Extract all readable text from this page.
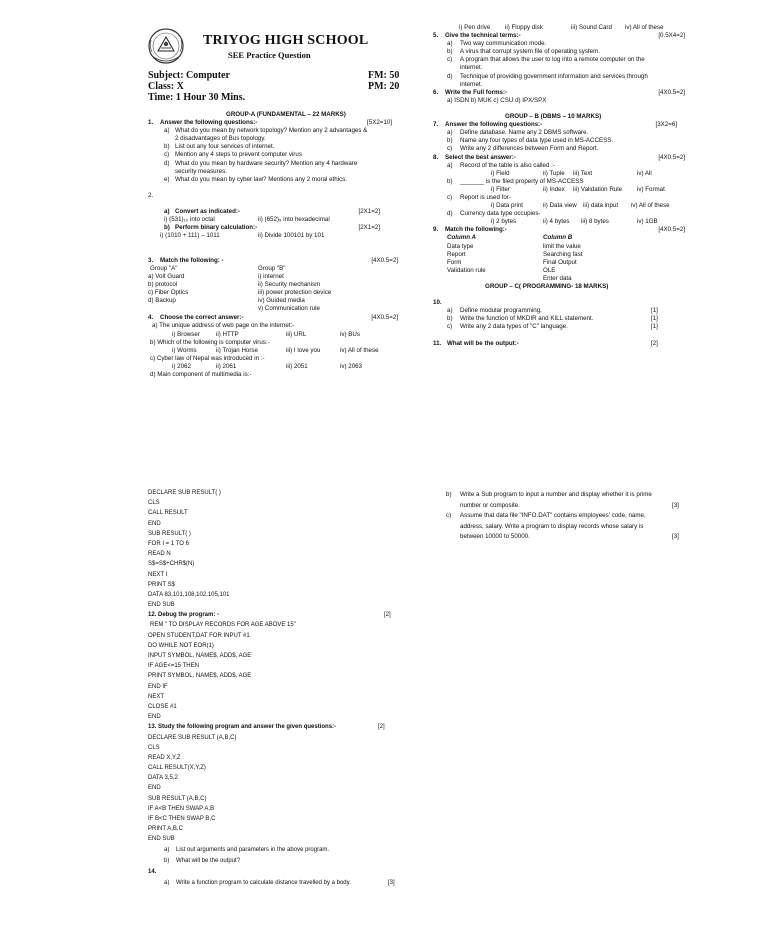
TRIYOG HIGH SCHOOL
SEE Practice Question
Subject: Computer
Class: X
Time: 1 Hour 30 Mins.
FM: 50
PM: 20
GROUP-A (FUNDAMENTAL – 22 MARKS)
1. Answer the following questions:-	[5X2=10]
a) What do you mean by network topology? Mention any 2 advantages &
2 disadvantages of Bus topology.
b) List out any four services of internet.
c) Mention any 4 steps to prevent computer virus
d) What do you mean by hardware security? Mention any 4 hardware
security measures.
e) What do you mean by cyber law? Mentions any 2 moral ethics.
2.
a) Convert as indicated:-	[2X1=2]
i) (531)₁₀ into octal	ii) (652)₈ into hexadecimal
b) Perform binary calculation:-	[2X1=2]
i) (1010 + 111) – 1011	ii) Divide 100101 by 101
3. Match the following: -	[4X0.5=2]
Group "A"	Group "B"
a) Volt Guard	i) internet
b) protocol	ii) Security mechanism
c) Fiber Optics	iii) power protection device
d) Backup	iv) Guided media
v) Communication rule
4. Choose the correct answer:-	[4X0.5=2]
a) The unique address of web page on the internet:-
i) Browser	ii) HTTP	iii) URL	iv) BUs
b) Which of the following is computer virus:-
i) Worms	ii) Trojan Horse	iii) I love you	iv) All of these
c) Cyber law of Nepal was introduced in :-
i) 2062	ii) 2061	iii) 2051	iv) 2063
d) Main component of multimedia is:-
i) Pen drive ii) Floppy disk	iii) Sound Card iv) All of these
5. Give the technical terms:-	[0.5X4=2]
a) Two way communication mode.
b) A virus that corrupt system file of operating system.
c) A program that allows the user to log into a remote computer on the
internet.
d) Technique of providing government information and services through
internet.
6. Write the Full forms:-	[4X0.5=2]
a) ISDN b) MUK c) CSU d) IPX/SPX
GROUP – B (DBMS – 10 MARKS)
7. Answer the following questions:-	[3X2=6]
a) Define database. Name any 2 DBMS software.
b) Name any four types of data type used in MS-ACCESS.
c) Write any 2 differences between Form and Report.
8. Select the best answer:-	[4X0.5=2]
a) Record of the table is also called :-
i) Field	ii) Tuple iii) Text	iv) All
b) _______ is the filed property of MS-ACCESS
i) Filter	ii) Index iii) Validation Rule iv) Format
c) Report is used for-
i) Data print	ii) Data view iii) data input iv) All of these
d) Currency data type occupies-
i) 2 bytes	ii) 4 bytes iii) 8 bytes	iv) 1GB
9. Match the following:-	[4X0.5=2]
Column A	Column B
Data type	limit the value
Report	Searching fast
Form	Final Output
Validation rule	OLE
Enter data
GROUP – C( PROGRAMMING- 18 MARKS)
10.
a) Define modular programming.	[1]
b) Write the function of MKDIR and KILL statement.	[1]
c) Write any 2 data types of "C" language.	[1]
11. What will be the output:-	[2]
DECLARE SUB RESULT( )
CLS
CALL RESULT
END
SUB RESULT( )
FOR I = 1 TO 6
READ N
S$=S$+CHR$(N)
NEXT I
PRINT S$
DATA 83,101,108,102,105,101
END SUB
12. Debug the program: -	[2]
REM " TO DISPLAY RECORDS FOR AGE ABOVE 15"
OPEN STUDENT.DAT FOR INPUT #1
DO WHILE NOT EOR(1)
INPUT SYMBOL, NAME$, ADD$, AGE
IF AGE<=15 THEN
PRINT SYMBOL, NAME$, ADD$, AGE
END IF
NEXT
CLOSE #1
END
13. Study the following program and answer the given questions:-	[2]
DECLARE SUB RESULT (A,B,C)
CLS
READ X,Y,Z
CALL RESULT(X,Y,Z)
DATA 3,5,2
END
SUB RESULT (A,B,C)
IF A<B THEN SWAP A,B
IF B<C THEN SWAP B,C
PRINT A,B,C
END SUB
a) List out arguments and parameters in the above program.
b) What will be the output?
14.
a) Write a function program to calculate distance travelled by a body.	[3]
b) Write a Sub program to input a number and display whether it is prime
number or composite.	[3]
c) Assume that data file "INFO.DAT" contains employees' code, name,
address, salary. Write a program to display records whose salary is
between 10000 to 50000.	[3]
